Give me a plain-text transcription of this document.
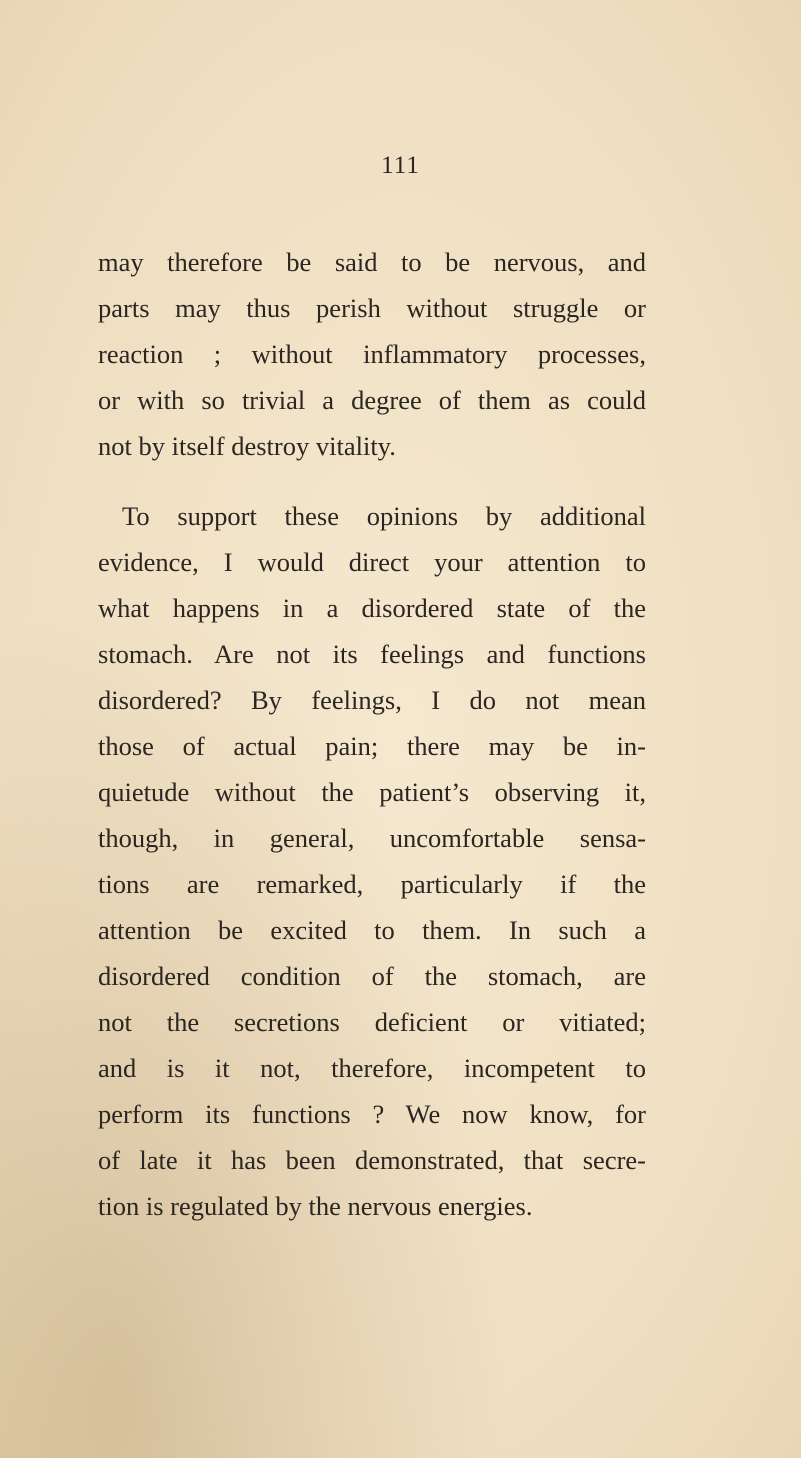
111
may therefore be said to be nervous, and
parts may thus perish without struggle or
reaction ; without inflammatory processes,
or with so trivial a degree of them as could
not by itself destroy vitality.
To support these opinions by additional
evidence, I would direct your attention to
what happens in a disordered state of the
stomach. Are not its feelings and functions
disordered? By feelings, I do not mean
those of actual pain; there may be in-
quietude without the patient’s observing it,
though, in general, uncomfortable sensa-
tions are remarked, particularly if the
attention be excited to them. In such a
disordered condition of the stomach, are
not the secretions deficient or vitiated;
and is it not, therefore, incompetent to
perform its functions ? We now know, for
of late it has been demonstrated, that secre-
tion is regulated by the nervous energies.
